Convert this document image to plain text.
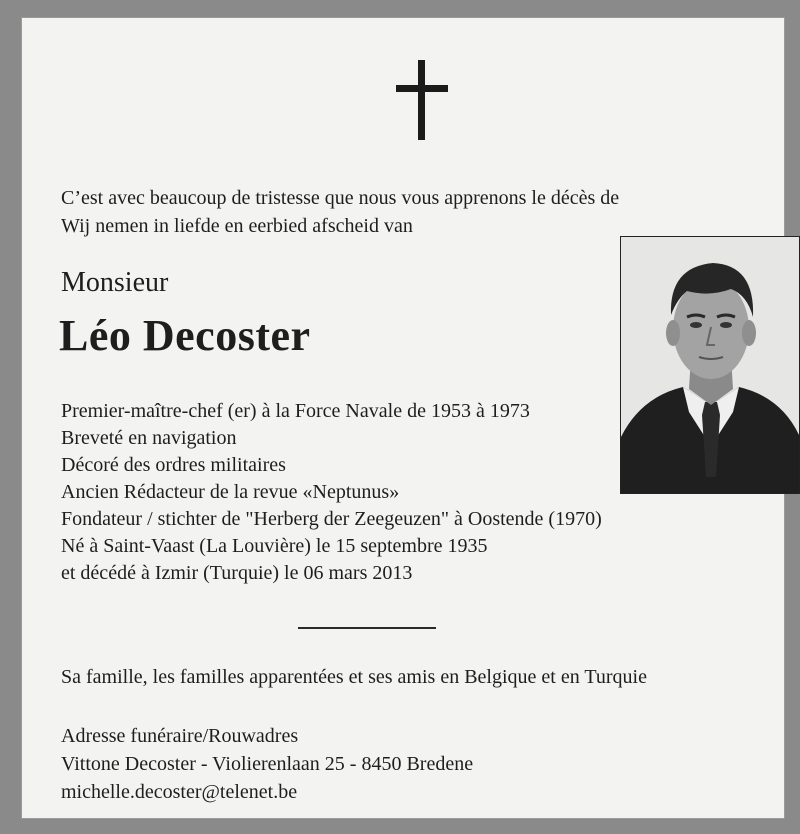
C’est avec beaucoup de tristesse que nous vous apprenons le décès de
Wij nemen in liefde en eerbied afscheid van
Monsieur
Léo Decoster
Premier-maître-chef (er) à la Force Navale de 1953 à 1973
Breveté en navigation
Décoré des ordres militaires
Ancien Rédacteur de la revue «Neptunus»
Fondateur / stichter de "Herberg der Zeegeuzen" à Oostende (1970)
Né à Saint-Vaast (La Louvière) le 15 septembre 1935
et décédé à Izmir (Turquie) le 06 mars 2013
Sa famille, les familles apparentées et ses amis en Belgique et en Turquie
Adresse funéraire/Rouwadres
Vittone Decoster - Violierenlaan 25 - 8450 Bredene
michelle.decoster@telenet.be
